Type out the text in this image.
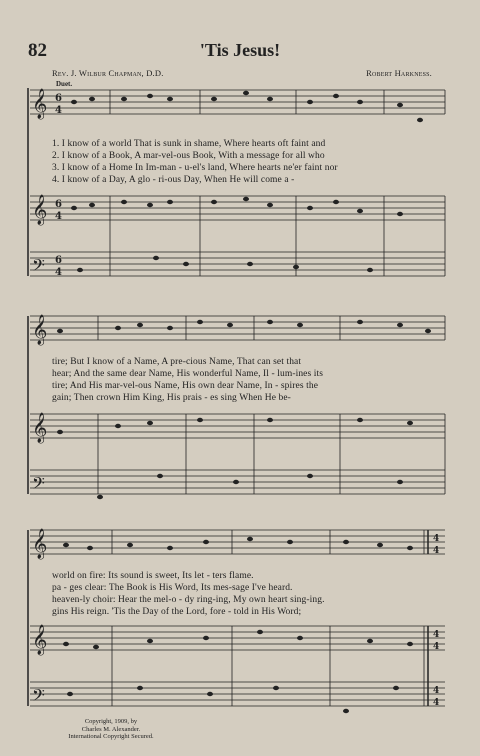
82	'Tis Jesus!
Rev. J. Wilbur Chapman, D.D.	Robert Harkness.
Duet.
𝄞
𝄞
𝄢
6
4
6
4
6
4
𝄞
𝄞
𝄢
𝄞
𝄞
𝄢
4
4
4
4
4
4
1. I know of a world That is sunk in shame, Where hearts oft faint and
2. I know of a Book, A mar-vel-ous Book, With a message for all who
3. I know of a Home In Im-man - u-el's land, Where hearts ne'er faint nor
4. I know of a Day, A glo - ri-ous Day, When He will come a -
tire; But I know of a Name, A pre-cious Name, That can set that
hear; And the same dear Name, His wonderful Name, Il - lum-ines its
tire; And His mar-vel-ous Name, His own dear Name, In - spires the
gain; Then crown Him King, His prais - es sing When He be-
world on fire: Its sound is sweet, Its let - ters flame.
pa - ges clear: The Book is His Word, Its mes-sage I've heard.
heaven-ly choir: Hear the mel-o - dy ring-ing, My own heart sing-ing.
gins His reign. 'Tis the Day of the Lord, fore - told in His Word;
Copyright, 1909, by
Charles M. Alexander.
International Copyright Secured.
